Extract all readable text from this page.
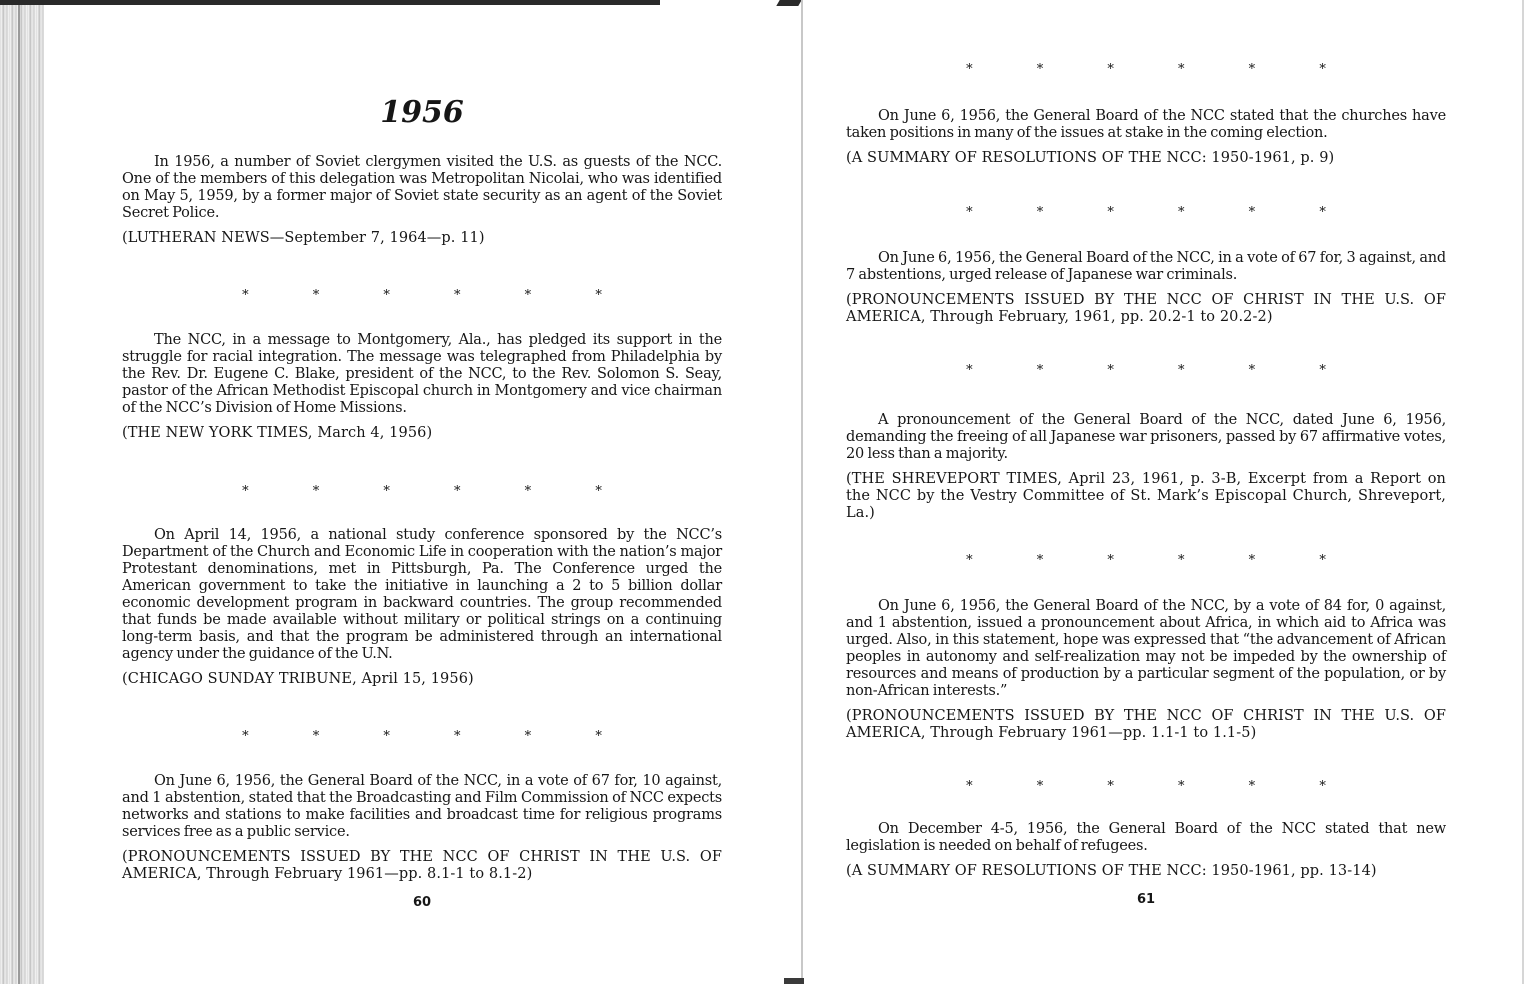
1956

In 1956, a number of Soviet clergymen visited the U.S. as guests of the NCC. One of the members of this delegation was Metropolitan Nicolai, who was identified on May 5, 1959, by a former major of Soviet state security as an agent of the Soviet Secret Police.

(LUTHERAN NEWS—September 7, 1964—p. 11)

* * * * * *

The NCC, in a message to Montgomery, Ala., has pledged its support in the struggle for racial integration. The message was telegraphed from Philadelphia by the Rev. Dr. Eugene C. Blake, president of the NCC, to the Rev. Solomon S. Seay, pastor of the African Methodist Episcopal church in Montgomery and vice chairman of the NCC’s Division of Home Missions.

(THE NEW YORK TIMES, March 4, 1956)

* * * * * *

On April 14, 1956, a national study conference sponsored by the NCC’s Department of the Church and Economic Life in cooperation with the nation’s major Protestant denominations, met in Pittsburgh, Pa. The Conference urged the American government to take the initiative in launching a 2 to 5 billion dollar economic development program in backward countries. The group recommended that funds be made available without military or political strings on a continuing long-term basis, and that the program be administered through an international agency under the guidance of the U.N.

(CHICAGO SUNDAY TRIBUNE, April 15, 1956)

* * * * * *

On June 6, 1956, the General Board of the NCC, in a vote of 67 for, 10 against, and 1 abstention, stated that the Broadcasting and Film Commission of NCC expects networks and stations to make facilities and broadcast time for religious programs services free as a public service.

(PRONOUNCEMENTS ISSUED BY THE NCC OF CHRIST IN THE U.S. OF AMERICA, Through February 1961—pp. 8.1-1 to 8.1-2)

60
* * * * * *

On June 6, 1956, the General Board of the NCC stated that the churches have taken positions in many of the issues at stake in the coming election.

(A SUMMARY OF RESOLUTIONS OF THE NCC: 1950-1961, p. 9)

* * * * * *

On June 6, 1956, the General Board of the NCC, in a vote of 67 for, 3 against, and 7 abstentions, urged release of Japanese war criminals.

(PRONOUNCEMENTS ISSUED BY THE NCC OF CHRIST IN THE U.S. OF AMERICA, Through February, 1961, pp. 20.2-1 to 20.2-2)

* * * * * *

A pronouncement of the General Board of the NCC, dated June 6, 1956, demanding the freeing of all Japanese war prisoners, passed by 67 affirmative votes, 20 less than a majority.

(THE SHREVEPORT TIMES, April 23, 1961, p. 3-B, Excerpt from a Report on the NCC by the Vestry Committee of St. Mark’s Episcopal Church, Shreveport, La.)

* * * * * *

On June 6, 1956, the General Board of the NCC, by a vote of 84 for, 0 against, and 1 abstention, issued a pronouncement about Africa, in which aid to Africa was urged. Also, in this statement, hope was expressed that “the advancement of African peoples in autonomy and self-realization may not be impeded by the ownership of resources and means of production by a particular segment of the population, or by non-African interests.”

(PRONOUNCEMENTS ISSUED BY THE NCC OF CHRIST IN THE U.S. OF AMERICA, Through February 1961—pp. 1.1-1 to 1.1-5)

* * * * * *

On December 4-5, 1956, the General Board of the NCC stated that new legislation is needed on behalf of refugees.

(A SUMMARY OF RESOLUTIONS OF THE NCC: 1950-1961, pp. 13-14)

61
